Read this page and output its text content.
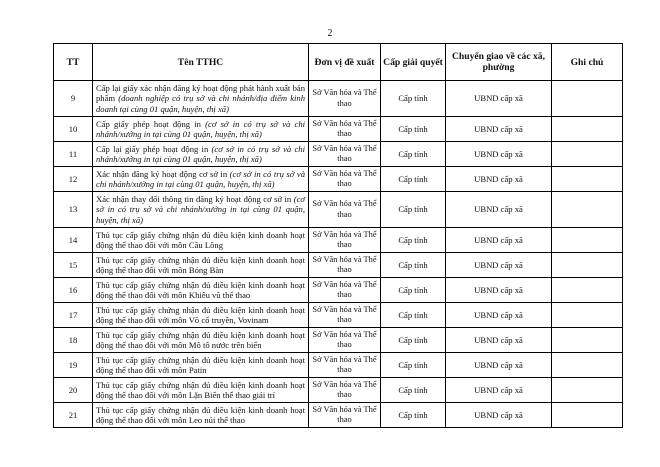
2
TT	Tên TTHC	Đơn vị đề xuất	Cấp giải quyết	Chuyển giao về các xã, phường	Ghi chú
9	Cấp lại giấy xác nhận đăng ký hoạt động phát hành xuất bản phẩm (doanh nghiệp có trụ sở và chi nhánh/địa điểm kinh doanh tại cùng 01 quận, huyện, thị xã)	Sở Văn hóa và Thể thao	Cấp tỉnh	UBND cấp xã	
10	Cấp giấy phép hoạt động in (cơ sở in có trụ sở và chi nhánh/xưởng in tại cùng 01 quận, huyện, thị xã)	Sở Văn hóa và Thể thao	Cấp tỉnh	UBND cấp xã	
11	Cấp lại giấy phép hoạt động in (cơ sở in có trụ sở và chi nhánh/xưởng in tại cùng 01 quận, huyện, thị xã)	Sở Văn hóa và Thể thao	Cấp tỉnh	UBND cấp xã	
12	Xác nhận đăng ký hoạt động cơ sở in (cơ sở in có trụ sở và chi nhánh/xưởng in tại cùng 01 quận, huyện, thị xã)	Sở Văn hóa và Thể thao	Cấp tỉnh	UBND cấp xã	
13	Xác nhận thay đổi thông tin đăng ký hoạt động cơ sở in (cơ sở in có trụ sở và chi nhánh/xưởng in tại cùng 01 quận, huyện, thị xã)	Sở Văn hóa và Thể thao	Cấp tỉnh	UBND cấp xã	
14	Thủ tục cấp giấy chứng nhận đủ điều kiện kinh doanh hoạt động thể thao đối với môn Cầu Lông	Sở Văn hóa và Thể thao	Cấp tỉnh	UBND cấp xã	
15	Thủ tục cấp giấy chứng nhận đủ điều kiện kinh doanh hoạt động thể thao đối với môn Bóng Bàn	Sở Văn hóa và Thể thao	Cấp tỉnh	UBND cấp xã	
16	Thủ tục cấp giấy chứng nhận đủ điều kiện kinh doanh hoạt động thể thao đối với môn Khiêu vũ thể thao	Sở Văn hóa và Thể thao	Cấp tỉnh	UBND cấp xã	
17	Thủ tục cấp giấy chứng nhận đủ điều kiện kinh doanh hoạt động thể thao đối với môn Võ cổ truyền, Vovinam	Sở Văn hóa và Thể thao	Cấp tỉnh	UBND cấp xã	
18	Thủ tục cấp giấy chứng nhận đủ điều kiện kinh doanh hoạt động thể thao đối với môn Mô tô nước trên biển	Sở Văn hóa và Thể thao	Cấp tỉnh	UBND cấp xã	
19	Thủ tục cấp giấy chứng nhận đủ điều kiện kinh doanh hoạt động thể thao đối với môn Patin	Sở Văn hóa và Thể thao	Cấp tỉnh	UBND cấp xã	
20	Thủ tục cấp giấy chứng nhận đủ điều kiện kinh doanh hoạt động thể thao đối với môn Lặn Biển thể thao giải trí	Sở Văn hóa và Thể thao	Cấp tỉnh	UBND cấp xã	
21	Thủ tục cấp giấy chứng nhận đủ điều kiện kinh doanh hoạt động thể thao đối với môn Leo núi thể thao	Sở Văn hóa và Thể thao	Cấp tỉnh	UBND cấp xã	
